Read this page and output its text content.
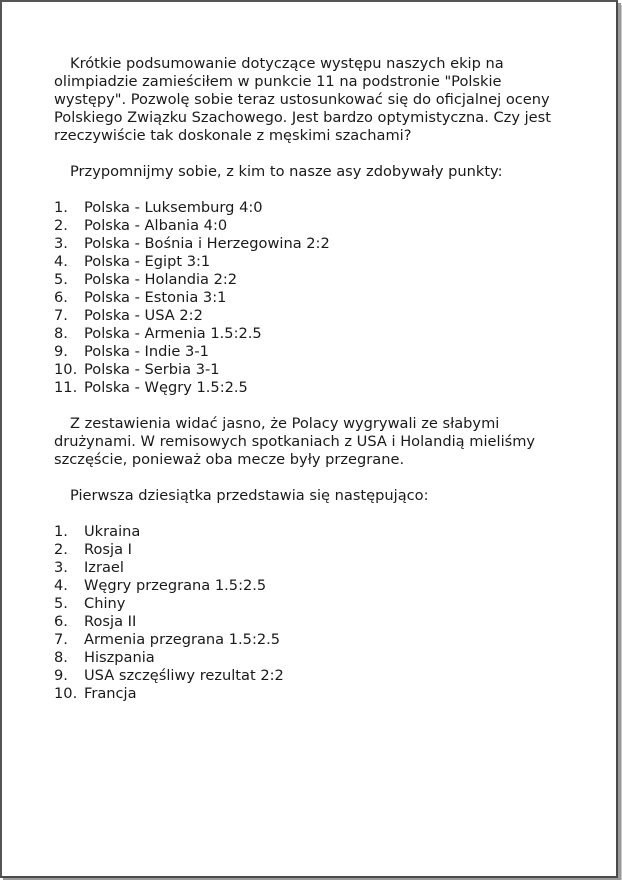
Krótkie podsumowanie dotyczące występu naszych ekip na olimpiadzie zamieściłem w punkcie 11 na podstronie "Polskie występy". Pozwolę sobie teraz ustosunkować się do oficjalnej oceny Polskiego Związku Szachowego. Jest bardzo optymistyczna. Czy jest rzeczywiście tak doskonale z męskimi szachami?

Przypomnijmy sobie, z kim to nasze asy zdobywały punkty:

1.	Polska - Luksemburg 4:0
2.	Polska - Albania 4:0
3.	Polska - Bośnia i Herzegowina 2:2
4.	Polska - Egipt 3:1
5.	Polska - Holandia 2:2
6.	Polska - Estonia 3:1
7.	Polska - USA 2:2
8.	Polska - Armenia 1.5:2.5
9.	Polska - Indie 3-1
10. Polska - Serbia 3-1
11. Polska - Węgry 1.5:2.5

Z zestawienia widać jasno, że Polacy wygrywali ze słabymi drużynami. W remisowych spotkaniach z USA i Holandią mieliśmy szczęście, ponieważ oba mecze były przegrane.

Pierwsza dziesiątka przedstawia się następująco:

1.	Ukraina
2.	Rosja I
3.	Izrael
4.	Węgry przegrana 1.5:2.5
5.	Chiny
6.	Rosja II
7.	Armenia przegrana 1.5:2.5
8.	Hiszpania
9.	USA szczęśliwy rezultat 2:2
10. Francja
